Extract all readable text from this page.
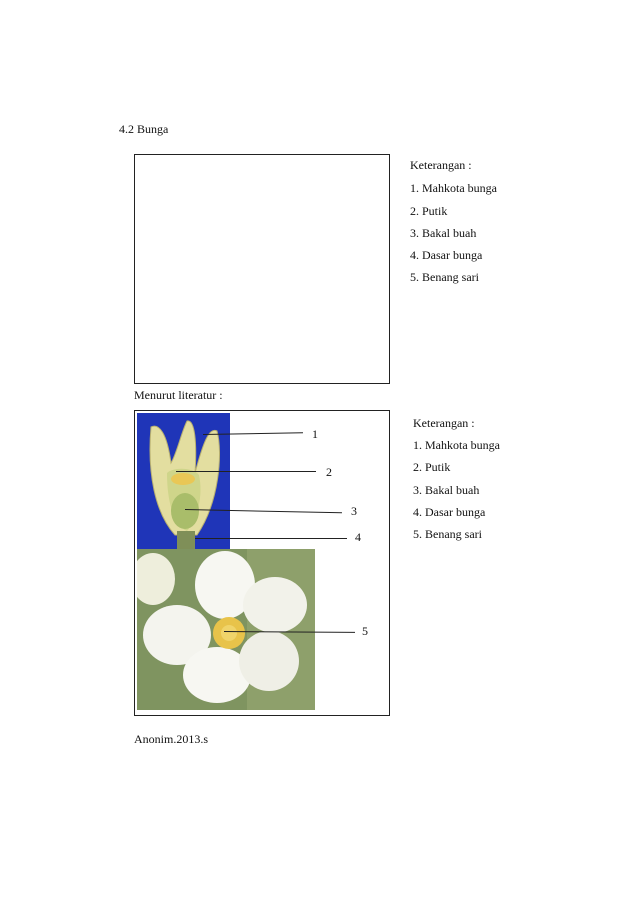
4.2 Bunga
Keterangan :
1. Mahkota bunga
2. Putik
3. Bakal buah
4. Dasar bunga
5. Benang sari
Menurut literatur :
1
2
3
4
5
Keterangan :
1. Mahkota bunga
2. Putik
3. Bakal buah
4. Dasar bunga
5. Benang sari
Anonim.2013.s
